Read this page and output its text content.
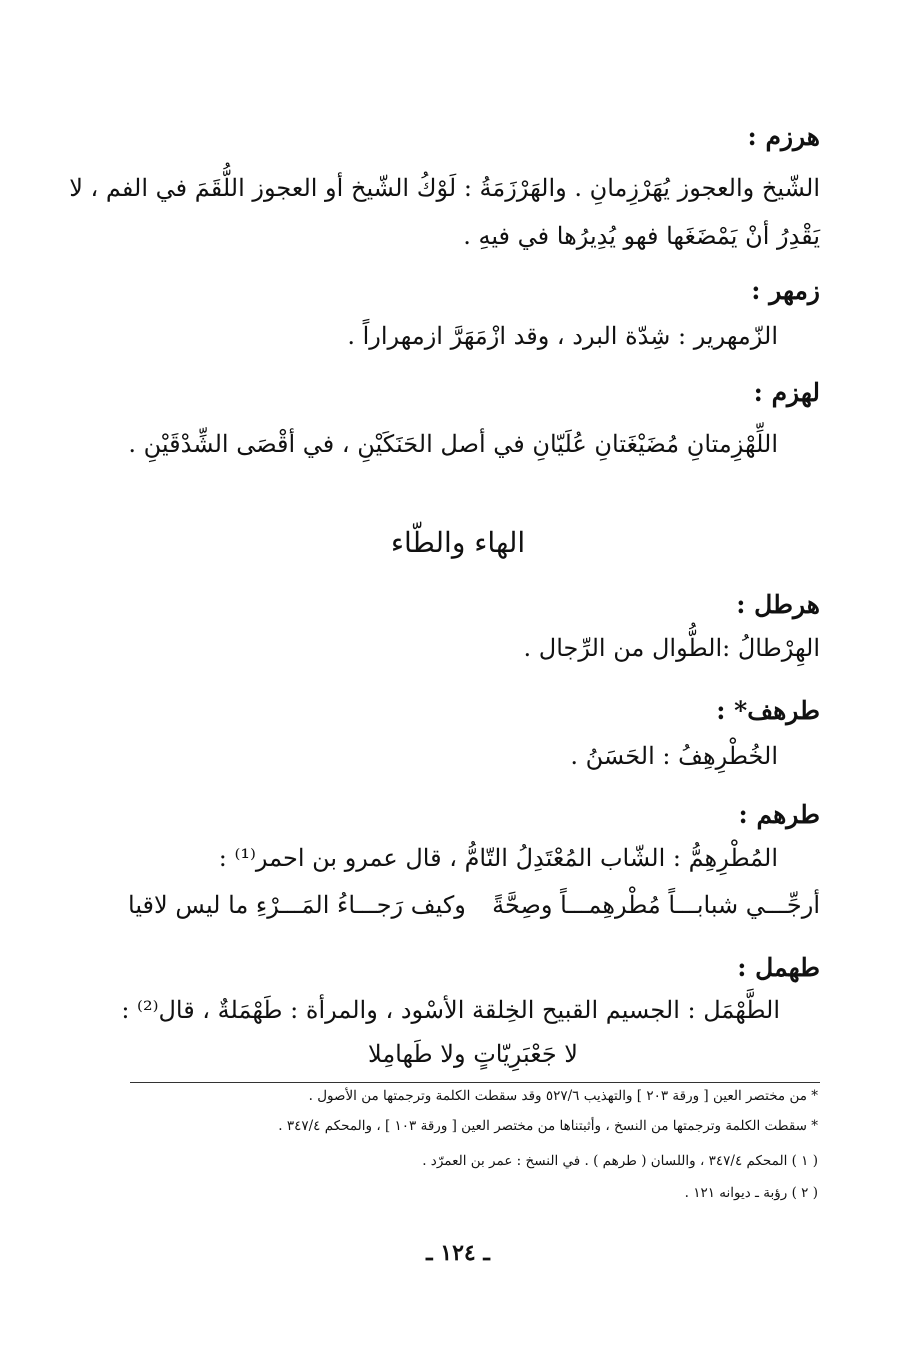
هرزم :
الشّيخ والعجوز يُهَرْزِمانِ . والهَرْزَمَةُ : لَوْكُ الشّيخ أو العجوز اللُّقَمَ في الفم ، لا
يَقْدِرُ أنْ يَمْضَغَها فهو يُدِيرُها في فيهِ .
زمهر :
الزّمهرير : شِدّة البرد ، وقد ازْمَهَرَّ ازمهراراً .
لهزم :
اللِّهْزِمتانِ مُضَيْغَتانِ عُلَيّانِ في أصل الحَنَكَيْنِ ، في أقْصَى الشِّدْقَيْنِ .
الهاء والطّاء
هرطل :
الهِرْطالُ :الطُّوال من الرِّجال .
طرهف* :
الخُطْرِهِفُ : الحَسَنُ .
طرهم :
المُطْرِهِمُّ : الشّاب المُعْتَدِلُ التّامُّ ، قال عمرو بن احمر⁽¹⁾ :
أرجِّـــي شبابـــاً مُطْرهِمـــاً وصِحَّةً
وكيف رَجـــاءُ المَـــرْءِ ما ليس لاقيا
طهمل :
الطَّهْمَل : الجسيم القبيح الخِلقة الأسْود ، والمرأة : طَهْمَلةٌ ، قال⁽²⁾ :
لا جَعْبَرِيّاتٍ ولا طَهامِلا
* من مختصر العين [ ورقة ٢٠٣ ] والتهذيب ٥٢٧/٦ وقد سقطت الكلمة وترجمتها من الأصول .
* سقطت الكلمة وترجمتها من النسخ ، وأثبتناها من مختصر العين [ ورقة ١٠٣ ] ، والمحكم ٣٤٧/٤ .
( ١ ) المحكم ٣٤٧/٤ ، واللسان ( طرهم ) . في النسخ : عمر بن العمرّد .
( ٢ ) رؤبة ـ ديوانه ١٢١ .
ـ ١٢٤ ـ
